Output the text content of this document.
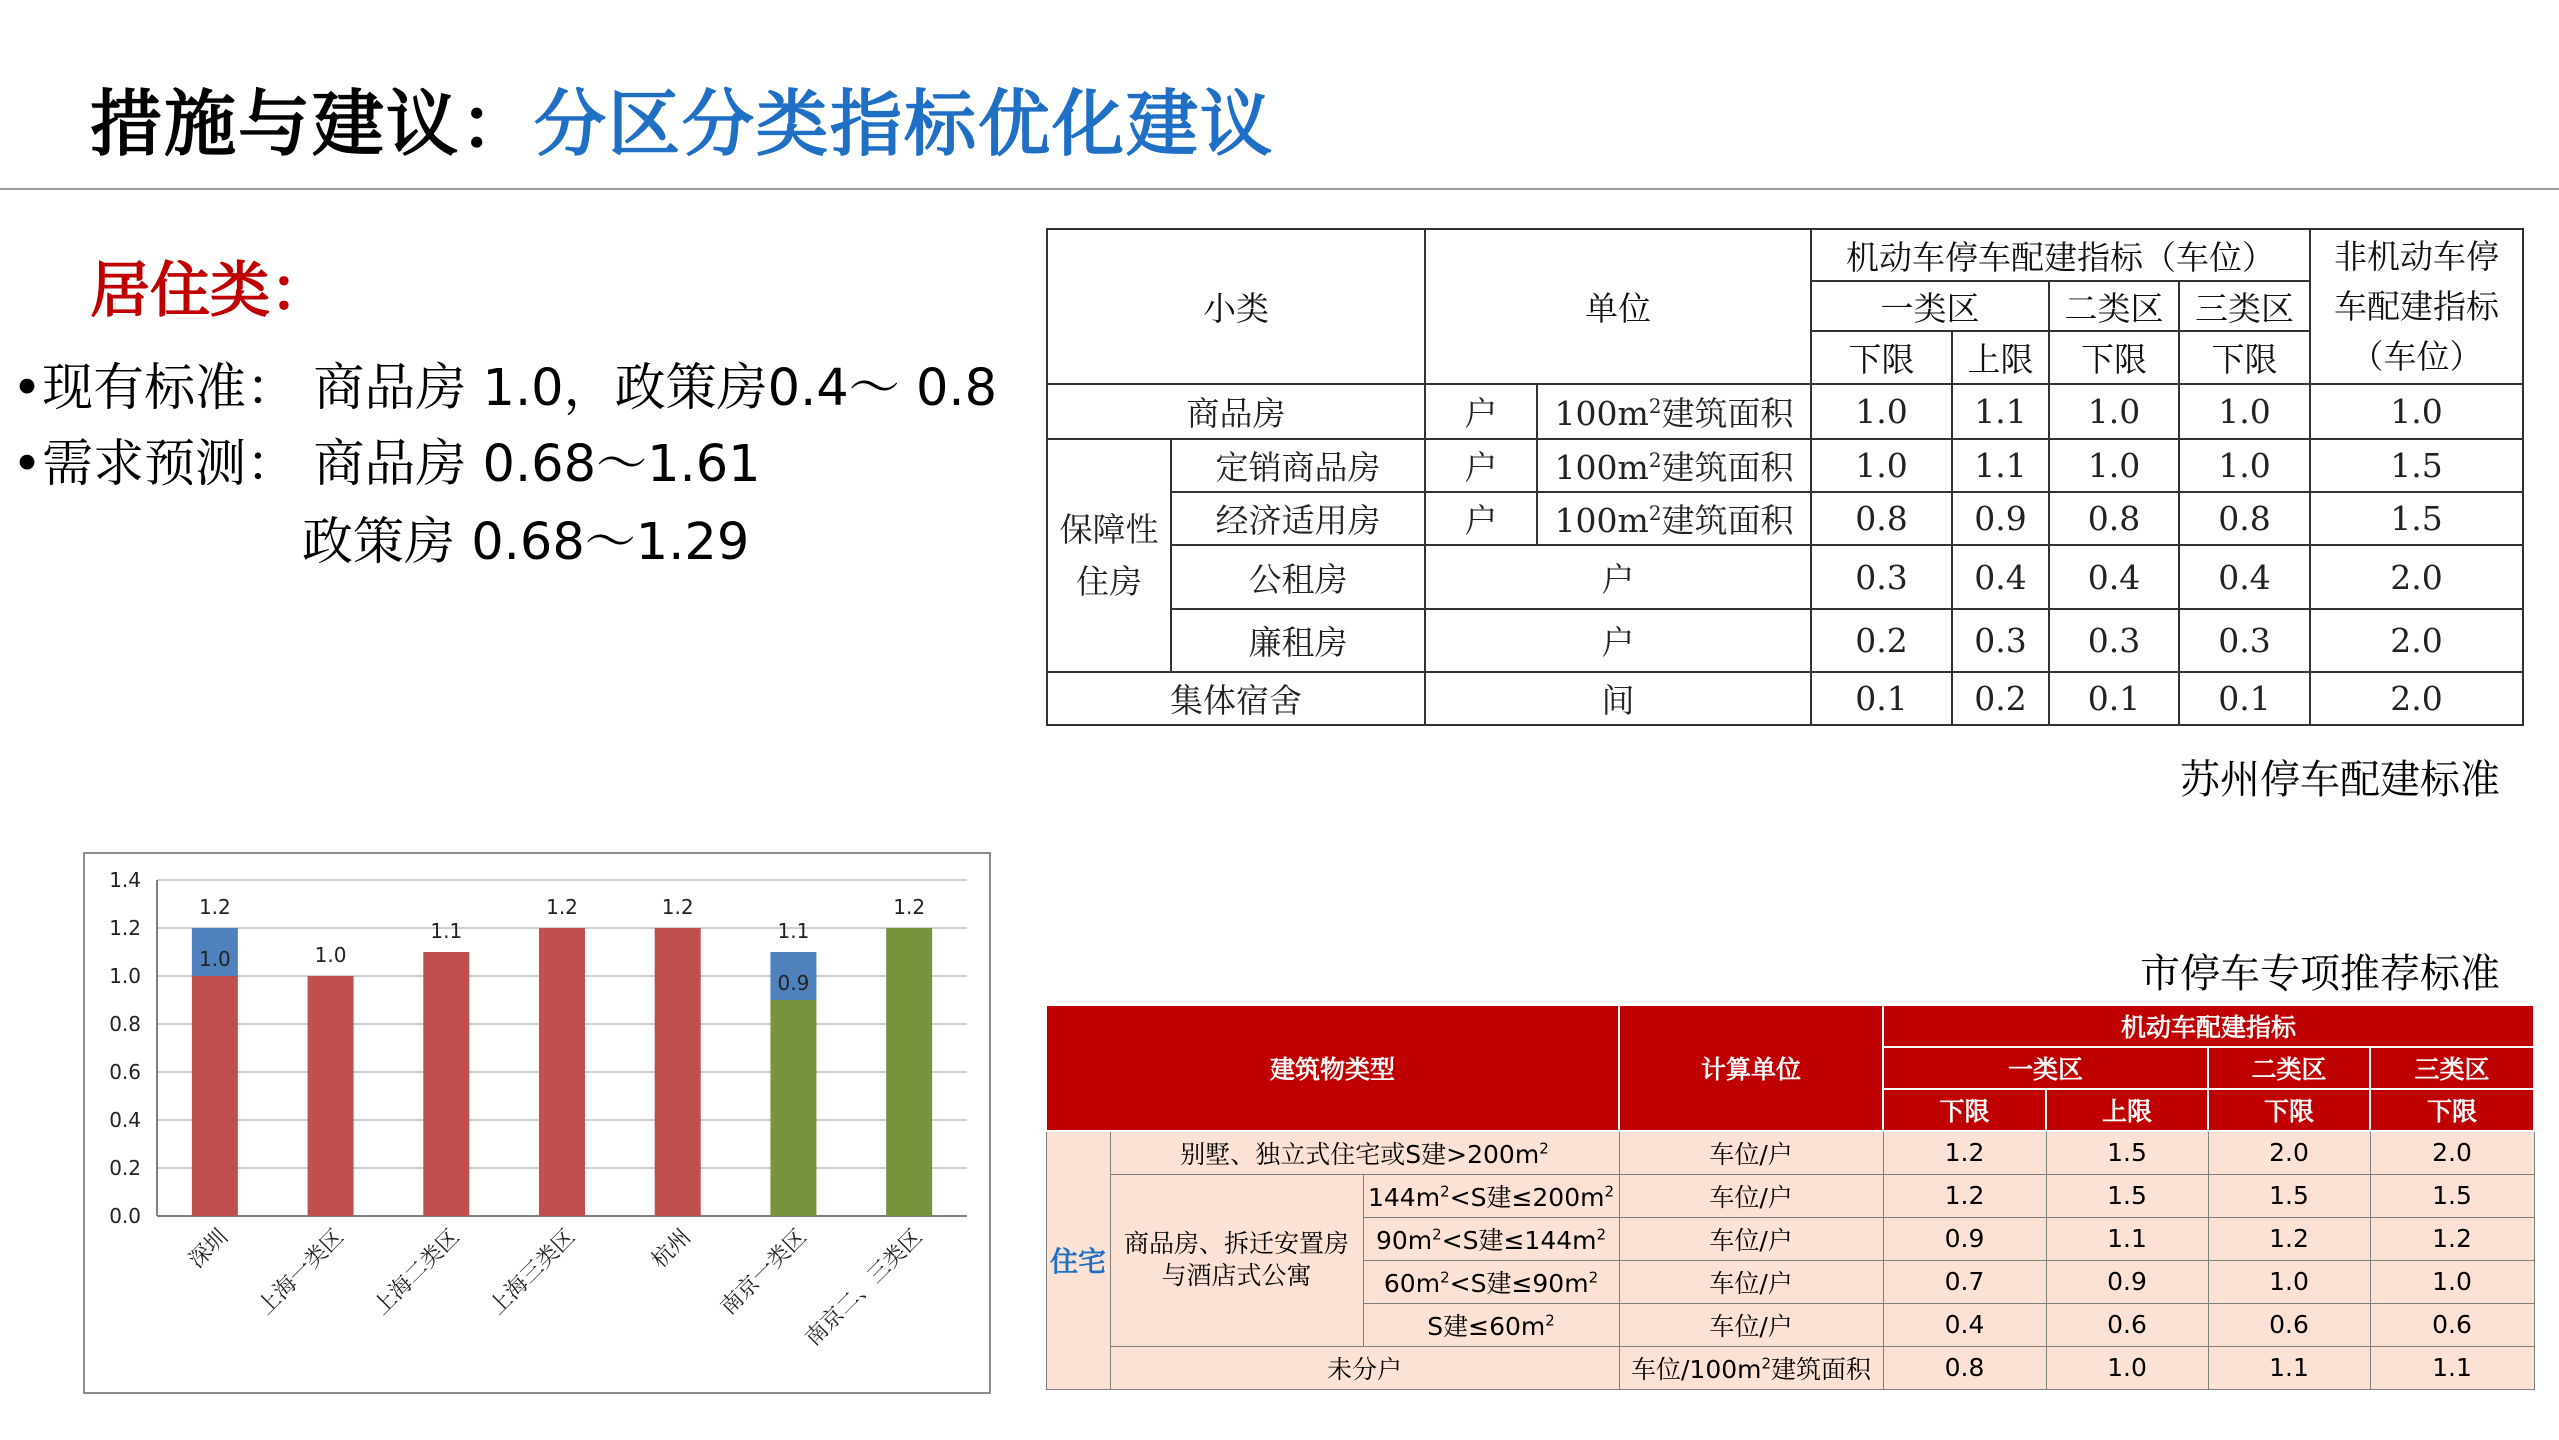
措施与建议：分区分类指标优化建议
居住类：
•现有标准： 商品房 1.0，政策房0.4～ 0.8
•需求预测： 商品房 0.68～1.61
政策房 0.68～1.29
小类		单位		机动车停车配建指标（车位）				非机动车停
车配建指标
（车位）

				一类区		二类区	三类区	
				下限	上限	下限	下限	
商品房		户	$100m^2$建筑面积	1.0	1.1	1.0	1.0	1.0

保障性
住房	定销商品房	户	$100m^2$建筑面积	1.0	1.1	1.0	1.0	1.5
	经济适用房	户	$100m^2$建筑面积	0.8	0.9	0.8	0.8	1.5
	公租房	户		0.3	0.4	0.4	0.4	2.0
	廉租房	户		0.2	0.3	0.3	0.3	2.0
集体宿舍		间		0.1	0.2	0.1	0.1	2.0
苏州停车配建标准
0.0
0.2
0.4
0.6
0.8
1.0
1.2
1.4
1.0
1.2
深圳
1.0
上海一类区
1.1
上海二类区
1.2
上海三类区
1.2
杭州
0.9
1.1
南京一类区
1.2
南京二、三类区
市停车专项推荐标准
建筑物类型			计算单位	机动车配建指标			
				一类区		二类区	三类区
				下限	上限	下限	下限
住宅	别墅、独立式住宅或S建$>200m^2$		车位/户	1.2	1.5	2.0	2.0

	商品房、拆迁安置房
与酒店式公寓	$144m^2<S$建$\le 200m^2$	车位/户	1.2	1.5	1.5	1.5
		$90m^2<S$建$\le 144m^2$	车位/户	0.9	1.1	1.2	1.2
		$60m^2<S$建$\le 90m^2$	车位/户	0.7	0.9	1.0	1.0
		S建$\le 60m^2$	车位/户	0.4	0.6	0.6	0.6
	未分户		车位$/100m^2$建筑面积	0.8	1.0	1.1	1.1
